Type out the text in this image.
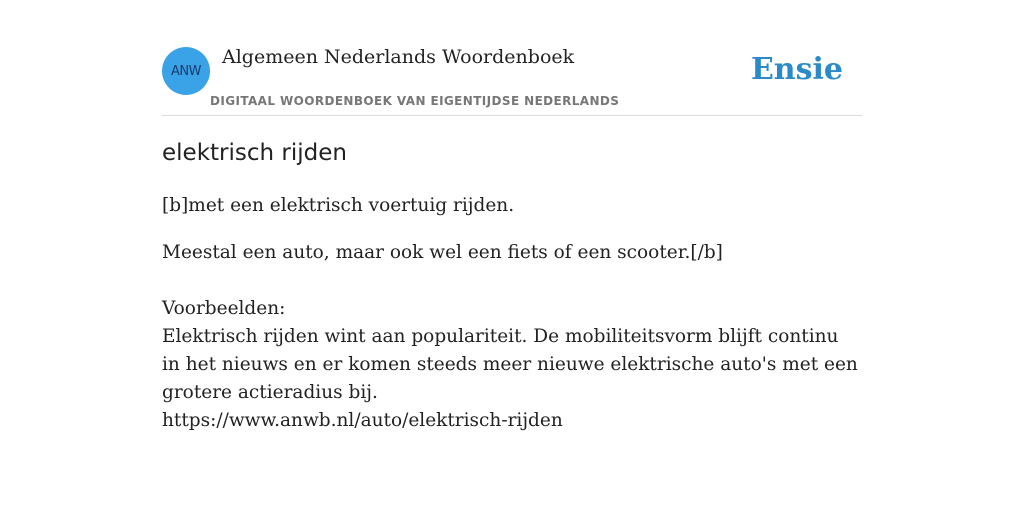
ANW
Algemeen Nederlands Woordenboek
DIGITAAL WOORDENBOEK VAN EIGENTIJDSE NEDERLANDS
Ensie
elektrisch rijden
[b]met een elektrisch voertuig rijden.
Meestal een auto, maar ook wel een fiets of een scooter.[/b]
Voorbeelden:
Elektrisch rijden wint aan populariteit. De mobiliteitsvorm blijft continu in het nieuws en er komen steeds meer nieuwe elektrische auto's met een grotere actieradius bij.
https://www.anwb.nl/auto/elektrisch-rijden
